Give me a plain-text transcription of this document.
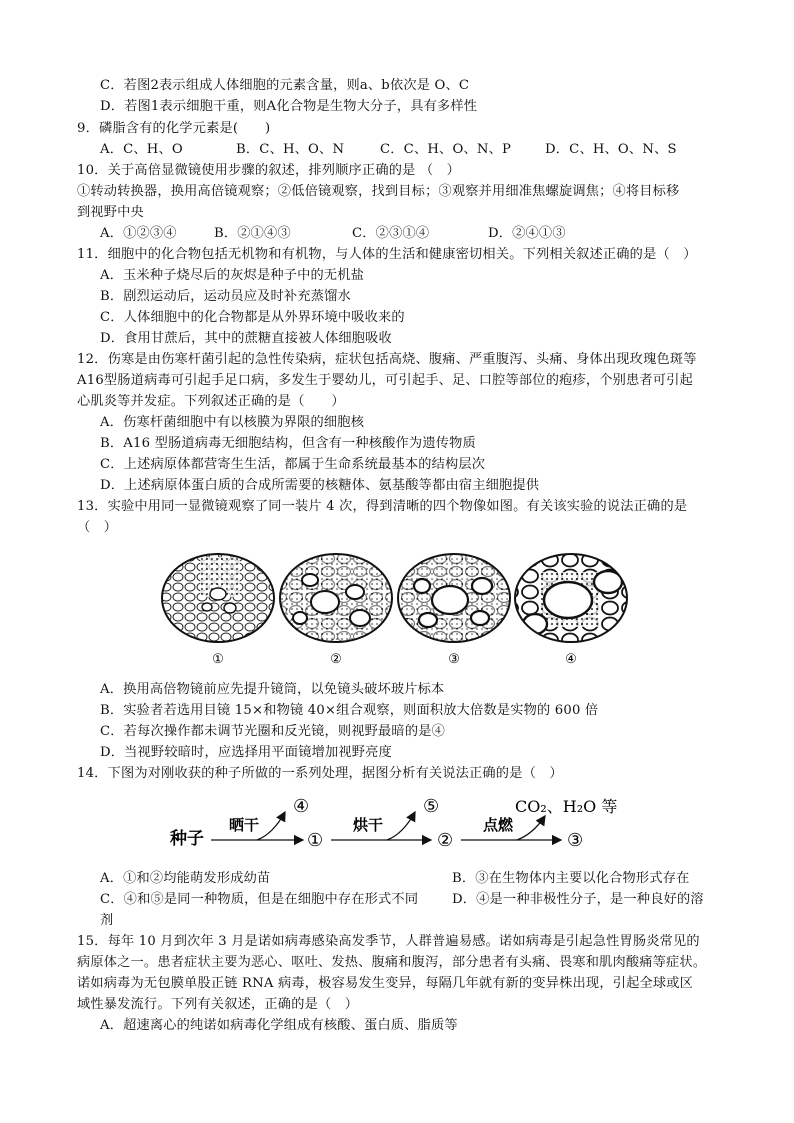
C．若图2表示组成人体细胞的元素含量，则a、b依次是 O、C
D．若图1表示细胞干重，则A化合物是生物大分子，具有多样性
9．磷脂含有的化学元素是(　　)
A．C、H、O	B．C、H、O、N	C．C、H、O、N、P	D．C、H、O、N、S
10．关于高倍显微镜使用步骤的叙述，排列顺序正确的是 （　）
①转动转换器，换用高倍镜观察；②低倍镜观察，找到目标；③观察并用细准焦螺旋调焦；④将目标移
到视野中央
A．①②③④	B．②①④③	C．②③①④	D．②④①③
11．细胞中的化合物包括无机物和有机物，与人体的生活和健康密切相关。下列相关叙述正确的是（　）
A．玉米种子烧尽后的灰烬是种子中的无机盐
B．剧烈运动后，运动员应及时补充蒸馏水
C．人体细胞中的化合物都是从外界环境中吸收来的
D．食用甘蔗后，其中的蔗糖直接被人体细胞吸收
12．伤寒是由伤寒杆菌引起的急性传染病，症状包括高烧、腹痛、严重腹泻、头痛、身体出现玫瑰色斑等
A16型肠道病毒可引起手足口病，多发生于婴幼儿，可引起手、足、口腔等部位的疱疹，个别患者可引起
心肌炎等并发症。下列叙述正确的是（　　）
A．伤寒杆菌细胞中有以核膜为界限的细胞核
B．A16 型肠道病毒无细胞结构，但含有一种核酸作为遗传物质
C．上述病原体都营寄生生活，都属于生命系统最基本的结构层次
D．上述病原体蛋白质的合成所需要的核糖体、氨基酸等都由宿主细胞提供
13．实验中用同一显微镜观察了同一装片 4 次，得到清晰的四个物像如图。有关该实验的说法正确的是
（　）
①	②	③	④
A．换用高倍物镜前应先提升镜筒，以免镜头破坏玻片标本
B．实验者若选用目镜 15×和物镜 40×组合观察，则面积放大倍数是实物的 600 倍
C．若每次操作都未调节光圈和反光镜，则视野最暗的是④
D．当视野较暗时，应选择用平面镜增加视野亮度
14．下图为对刚收获的种子所做的一系列处理，据图分析有关说法正确的是（　）
种子
晒干
④
①
烘干
⑤
②
点燃
CO₂、H₂O 等
③
A．①和②均能萌发形成幼苗	B．③在生物体内主要以化合物形式存在
C．④和⑤是同一种物质，但是在细胞中存在形式不同	D．④是一种非极性分子，是一种良好的溶
剂
15．每年 10 月到次年 3 月是诺如病毒感染高发季节，人群普遍易感。诺如病毒是引起急性胃肠炎常见的
病原体之一。患者症状主要为恶心、呕吐、发热、腹痛和腹泻，部分患者有头痛、畏寒和肌肉酸痛等症状。
诺如病毒为无包膜单股正链 RNA 病毒，极容易发生变异，每隔几年就有新的变异株出现，引起全球或区
域性暴发流行。下列有关叙述，正确的是（　）
A．超速离心的纯诺如病毒化学组成有核酸、蛋白质、脂质等
